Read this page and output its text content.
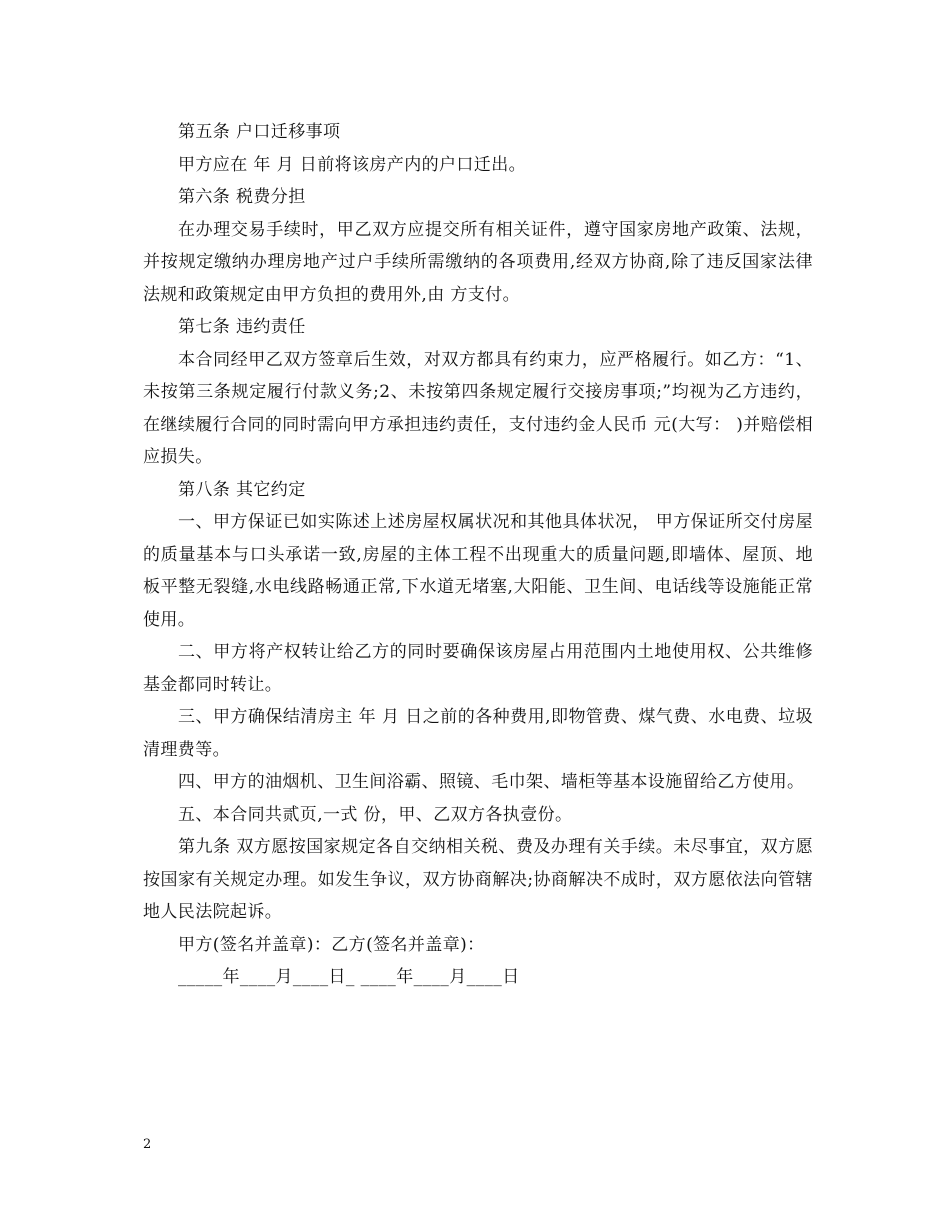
第五条 户口迁移事项

甲方应在 年 月 日前将该房产内的户口迁出。

第六条 税费分担

在办理交易手续时，甲乙双方应提交所有相关证件，遵守国家房地产政策、法规，并按规定缴纳办理房地产过户手续所需缴纳的各项费用,经双方协商,除了违反国家法律法规和政策规定由甲方负担的费用外,由 方支付。

第七条 违约责任

本合同经甲乙双方签章后生效，对双方都具有约束力，应严格履行。如乙方：“1、未按第三条规定履行付款义务;2、未按第四条规定履行交接房事项;”均视为乙方违约，在继续履行合同的同时需向甲方承担违约责任，支付违约金人民币 元(大写： )并赔偿相应损失。

第八条 其它约定

一、甲方保证已如实陈述上述房屋权属状况和其他具体状况， 甲方保证所交付房屋的质量基本与口头承诺一致,房屋的主体工程不出现重大的质量问题,即墙体、屋顶、地板平整无裂缝,水电线路畅通正常,下水道无堵塞,大阳能、卫生间、电话线等设施能正常使用。

二、甲方将产权转让给乙方的同时要确保该房屋占用范围内土地使用权、公共维修基金都同时转让。

三、甲方确保结清房主 年 月 日之前的各种费用,即物管费、煤气费、水电费、垃圾清理费等。

四、甲方的油烟机、卫生间浴霸、照镜、毛巾架、墙柜等基本设施留给乙方使用。

五、本合同共贰页,一式 份，甲、乙双方各执壹份。

第九条 双方愿按国家规定各自交纳相关税、费及办理有关手续。未尽事宜，双方愿按国家有关规定办理。如发生争议，双方协商解决;协商解决不成时，双方愿依法向管辖地人民法院起诉。

甲方(签名并盖章)：乙方(签名并盖章)：

_____年____月____日_ ____年____月____日

2
